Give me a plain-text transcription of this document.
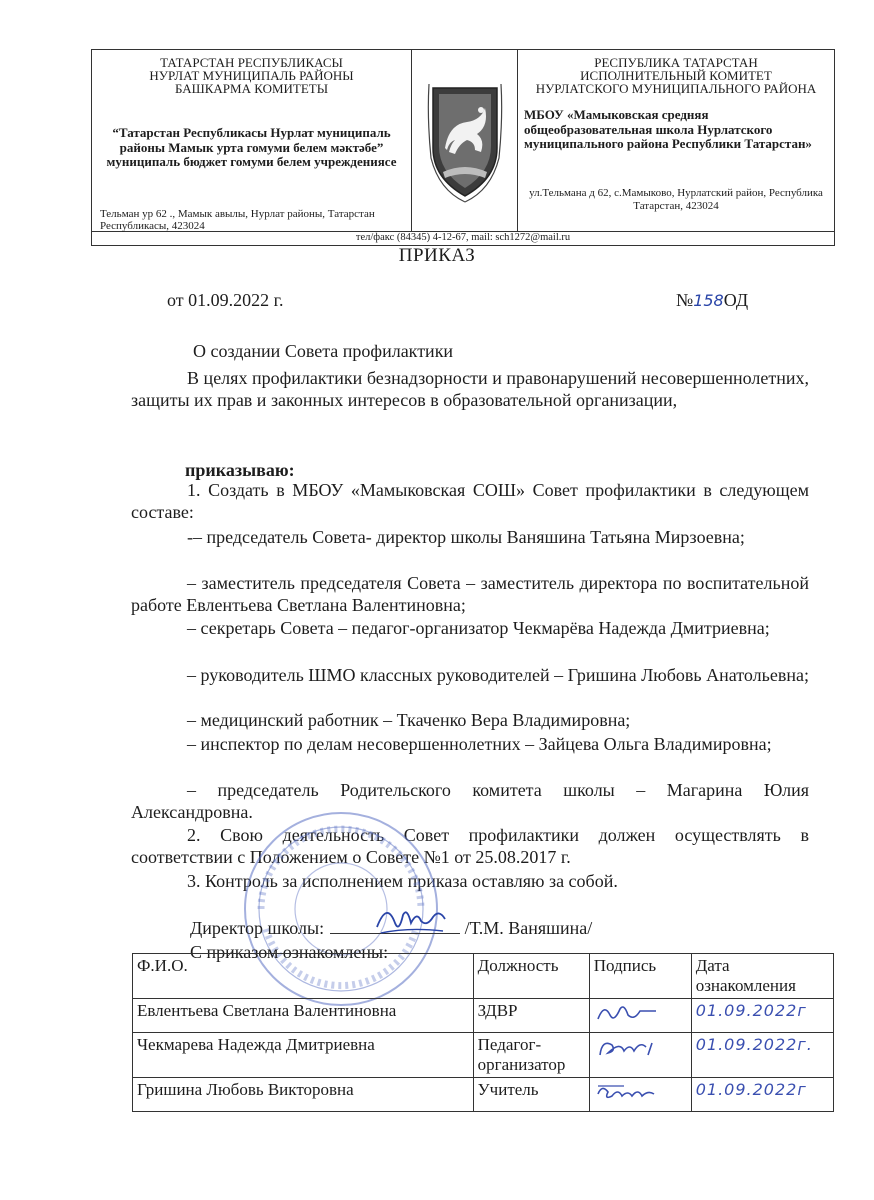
ТАТАРСТАН РЕСПУБЛИКАСЫ
НУРЛАТ МУНИЦИПАЛЬ РАЙОНЫ
БАШКАРМА КОМИТЕТЫ
“Татарстан Республикасы Нурлат муниципаль районы Мамык урта гомуми белем мәктәбе” муниципаль бюджет гомуми белем учреждениясе
Тельман ур 62 ., Мамык авылы, Нурлат районы, Татарстан Республикасы, 423024
РЕСПУБЛИКА ТАТАРСТАН
ИСПОЛНИТЕЛЬНЫЙ КОМИТЕТ
НУРЛАТСКОГО МУНИЦИПАЛЬНОГО РАЙОНА
МБОУ «Мамыковская средняя общеобразовательная школа Нурлатского муниципального района Республики Татарстан»
ул.Тельмана д 62, с.Мамыково, Нурлатский район, Республика Татарстан, 423024
тел/факс (84345) 4-12-67, mail: sch1272@mail.ru
ПРИКАЗ
от 01.09.2022 г.	№158ОД
О создании Совета профилактики

В целях профилактики безнадзорности и правонарушений несовершеннолетних, защиты их прав и законных интересов в образовательной организации,

приказываю:

1. Создать в МБОУ «Мамыковская СОШ» Совет профилактики в следующем составе:

-– председатель Совета- директор школы Ваняшина Татьяна Мирзоевна;

– заместитель председателя Совета – заместитель директора по воспитательной работе Евлентьева Светлана Валентиновна;

– секретарь Совета – педагог-организатор Чекмарёва Надежда Дмитриевна;

– руководитель ШМО классных руководителей – Гришина Любовь Анатольевна;

– медицинский работник – Ткаченко Вера Владимировна;

– инспектор по делам несовершеннолетних – Зайцева Ольга Владимировна;

– председатель Родительского комитета школы – Магарина Юлия Александровна.

2. Свою деятельность Совет профилактики должен осуществлять в соответствии с Положением о Совете №1 от 25.08.2017 г.

3. Контроль за исполнением приказа оставляю за собой.

Директор школы:	/Т.М. Ваняшина/
С приказом ознакомлены:
Ф.И.О.	Должность	Подпись	Дата ознакомления
Евлентьева Светлана Валентиновна	ЗДВР		01.09.2022г
Чекмарева Надежда Дмитриевна	Педагог-организатор		01.09.2022г.
Гришина Любовь Викторовна	Учитель		01.09.2022г
